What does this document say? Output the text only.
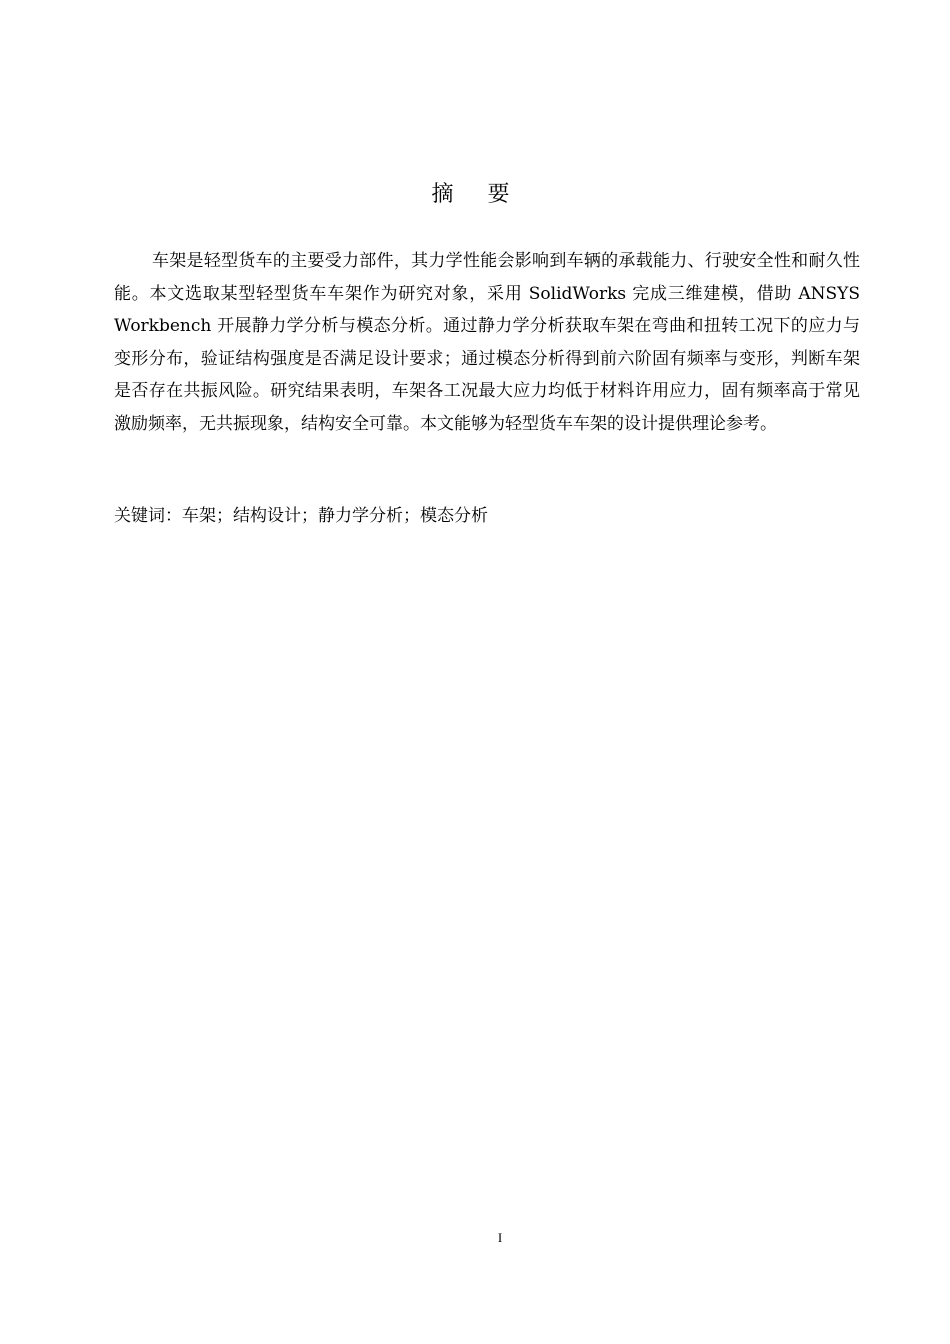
摘要

车架是轻型货车的主要受力部件，其力学性能会影响到车辆的承载能力、行驶安全性和耐久性能。本文选取某型轻型货车车架作为研究对象，采用 SolidWorks 完成三维建模，借助 ANSYS Workbench 开展静力学分析与模态分析。通过静力学分析获取车架在弯曲和扭转工况下的应力与变形分布，验证结构强度是否满足设计要求；通过模态分析得到前六阶固有频率与变形，判断车架是否存在共振风险。研究结果表明，车架各工况最大应力均低于材料许用应力，固有频率高于常见激励频率，无共振现象，结构安全可靠。本文能够为轻型货车车架的设计提供理论参考。

关键词：车架；结构设计；静力学分析；模态分析
I
